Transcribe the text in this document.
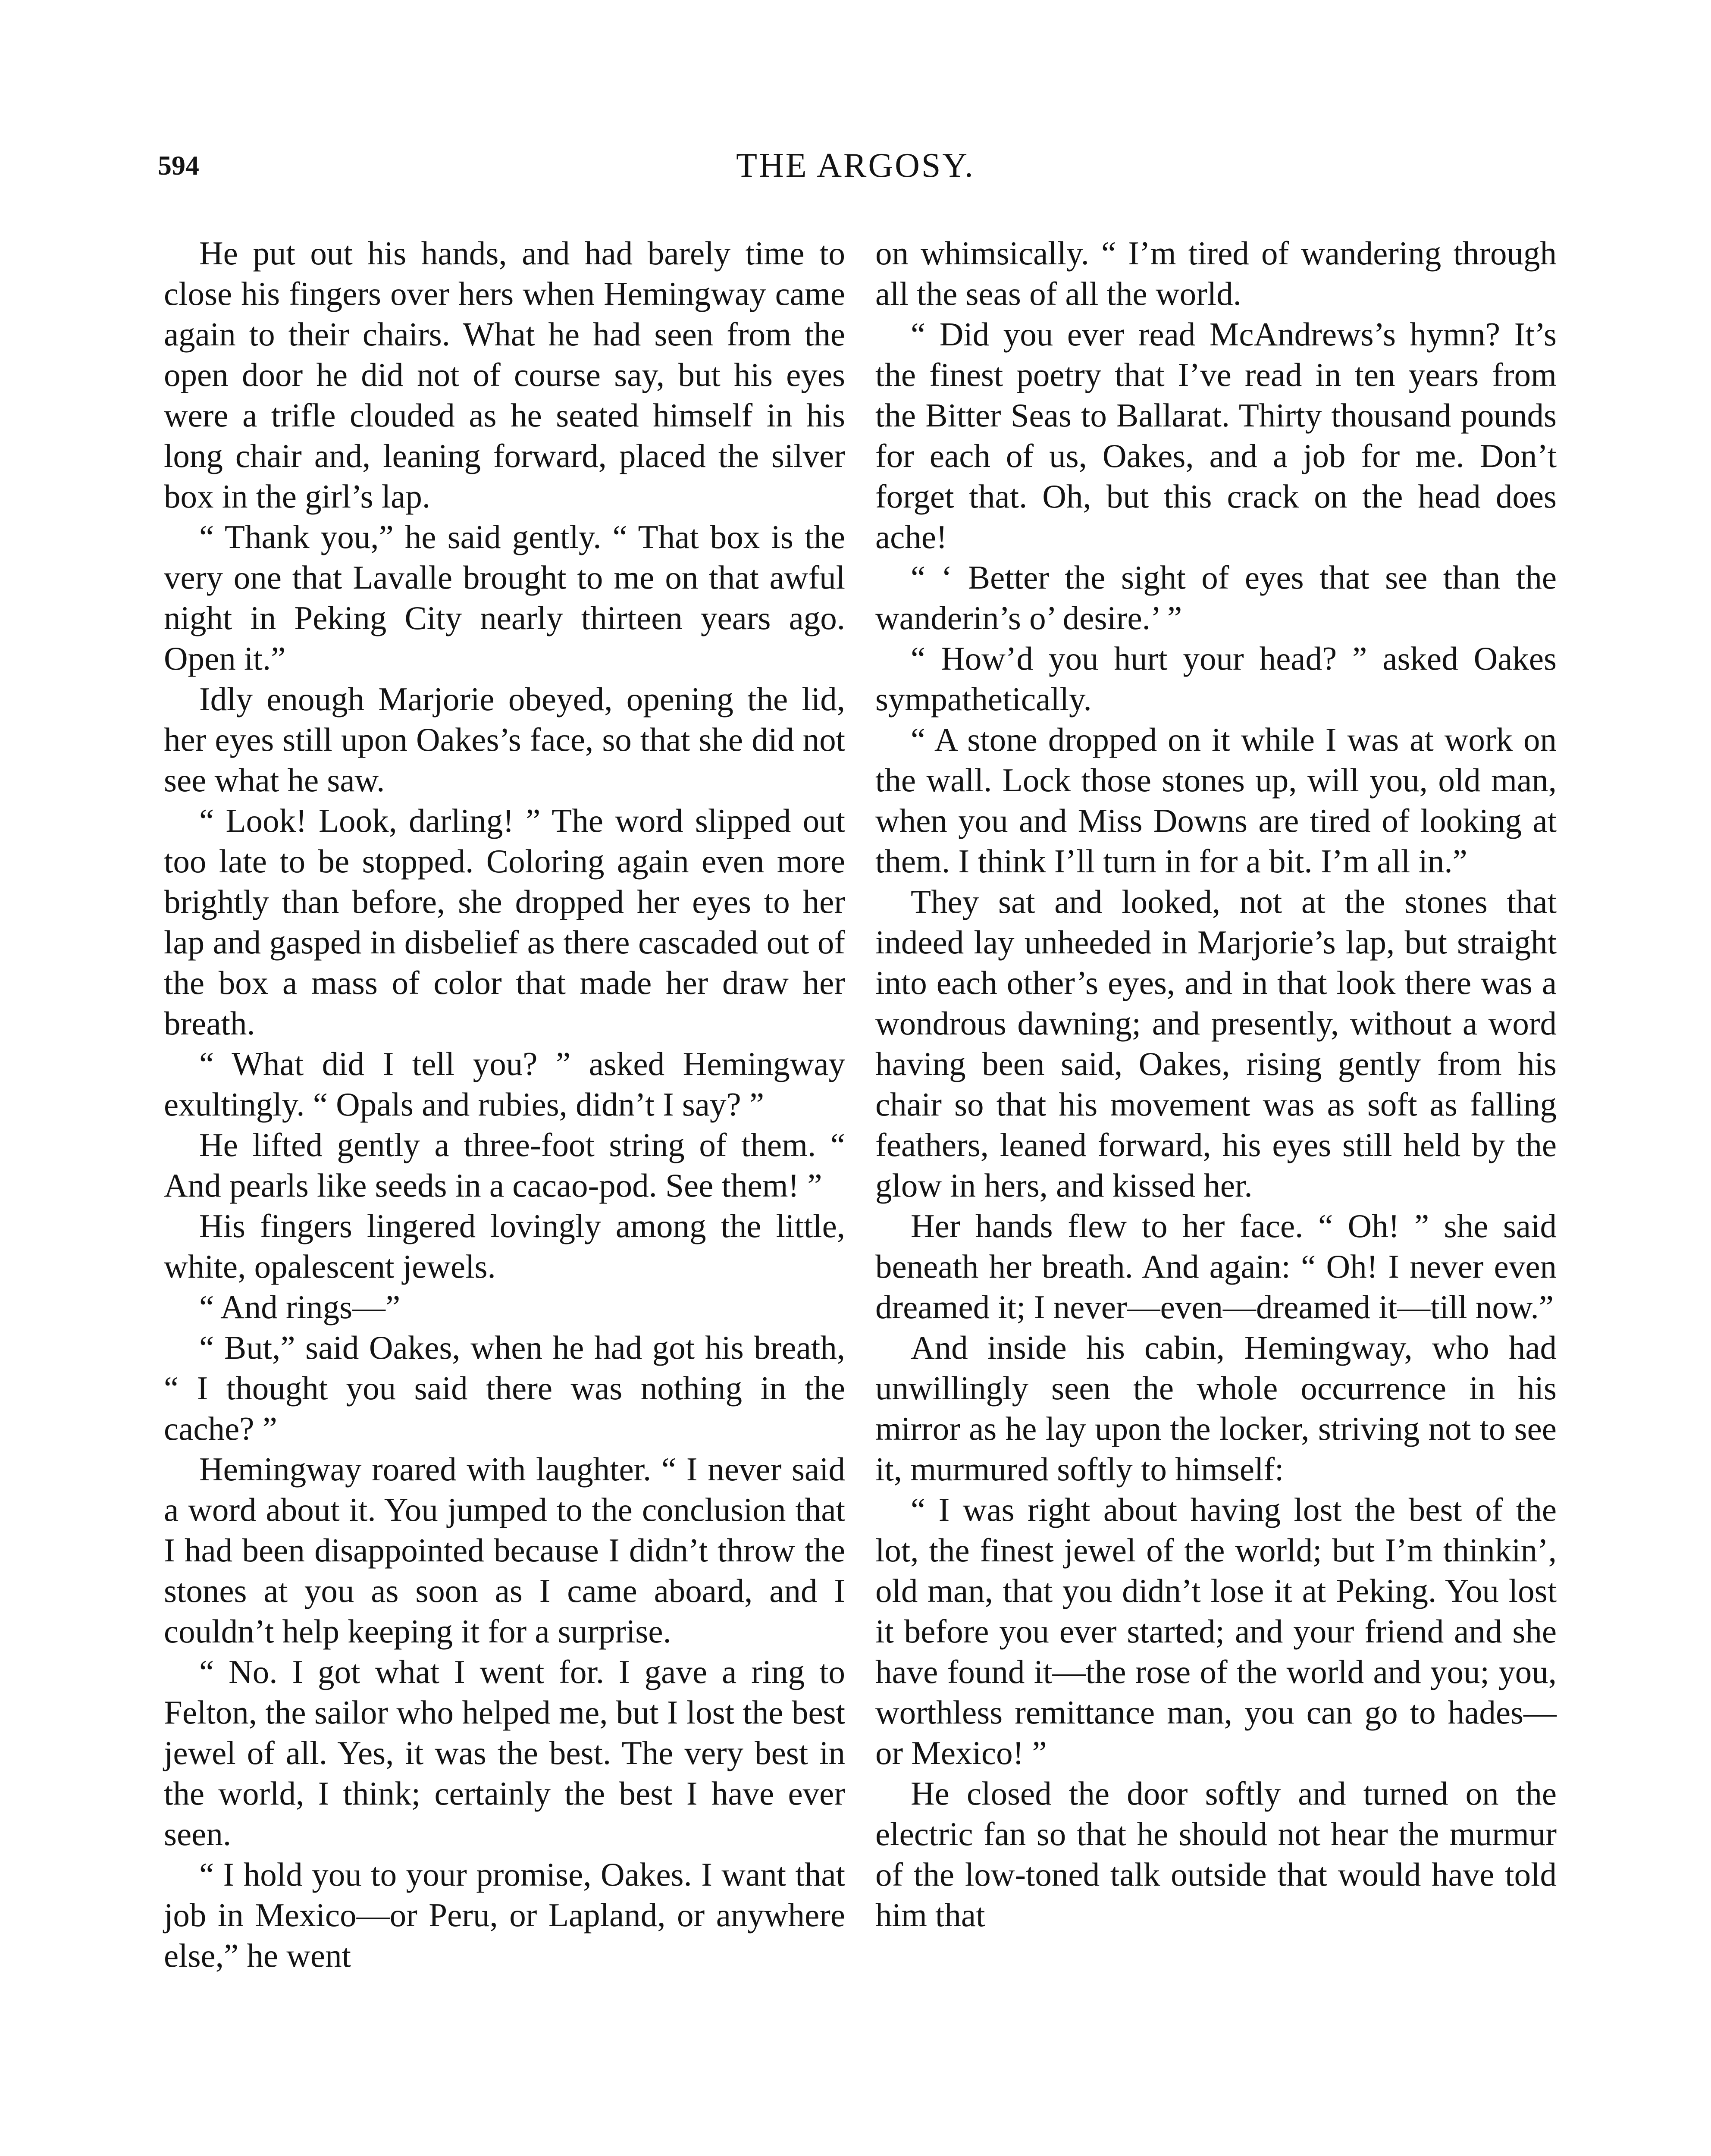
594	THE ARGOSY.

He put out his hands, and had barely time to close his fingers over hers when Hemingway came again to their chairs. What he had seen from the open door he did not of course say, but his eyes were a trifle clouded as he seated himself in his long chair and, leaning forward, placed the silver box in the girl’s lap.

“ Thank you,” he said gently. “ That box is the very one that Lavalle brought to me on that awful night in Peking City nearly thirteen years ago. Open it.”

Idly enough Marjorie obeyed, opening the lid, her eyes still upon Oakes’s face, so that she did not see what he saw.

“ Look! Look, darling! ” The word slipped out too late to be stopped. Coloring again even more brightly than before, she dropped her eyes to her lap and gasped in disbelief as there cascaded out of the box a mass of color that made her draw her breath.

“ What did I tell you? ” asked Hemingway exultingly. “ Opals and rubies, didn’t I say? ”

He lifted gently a three-foot string of them. “ And pearls like seeds in a cacao-pod. See them! ”

His fingers lingered lovingly among the little, white, opalescent jewels.

“ And rings—”

“ But,” said Oakes, when he had got his breath, “ I thought you said there was nothing in the cache? ”

Hemingway roared with laughter. “ I never said a word about it. You jumped to the conclusion that I had been disappointed because I didn’t throw the stones at you as soon as I came aboard, and I couldn’t help keeping it for a surprise.

“ No. I got what I went for. I gave a ring to Felton, the sailor who helped me, but I lost the best jewel of all. Yes, it was the best. The very best in the world, I think; certainly the best I have ever seen.

“ I hold you to your promise, Oakes. I want that job in Mexico—or Peru, or Lapland, or anywhere else,” he went

on whimsically. “ I’m tired of wandering through all the seas of all the world.

“ Did you ever read McAndrews’s hymn? It’s the finest poetry that I’ve read in ten years from the Bitter Seas to Ballarat. Thirty thousand pounds for each of us, Oakes, and a job for me. Don’t forget that. Oh, but this crack on the head does ache!

“ ‘ Better the sight of eyes that see than the wanderin’s o’ desire.’ ”

“ How’d you hurt your head? ” asked Oakes sympathetically.

“ A stone dropped on it while I was at work on the wall. Lock those stones up, will you, old man, when you and Miss Downs are tired of looking at them. I think I’ll turn in for a bit. I’m all in.”

They sat and looked, not at the stones that indeed lay unheeded in Marjorie’s lap, but straight into each other’s eyes, and in that look there was a wondrous dawning; and presently, without a word having been said, Oakes, rising gently from his chair so that his movement was as soft as falling feathers, leaned forward, his eyes still held by the glow in hers, and kissed her.

Her hands flew to her face. “ Oh! ” she said beneath her breath. And again: “ Oh! I never even dreamed it; I never—even—dreamed it—till now.”

And inside his cabin, Hemingway, who had unwillingly seen the whole occurrence in his mirror as he lay upon the locker, striving not to see it, murmured softly to himself:

“ I was right about having lost the best of the lot, the finest jewel of the world; but I’m thinkin’, old man, that you didn’t lose it at Peking. You lost it before you ever started; and your friend and she have found it—the rose of the world and you; you, worthless remittance man, you can go to hades—or Mexico! ”

He closed the door softly and turned on the electric fan so that he should not hear the murmur of the low-toned talk outside that would have told him that
